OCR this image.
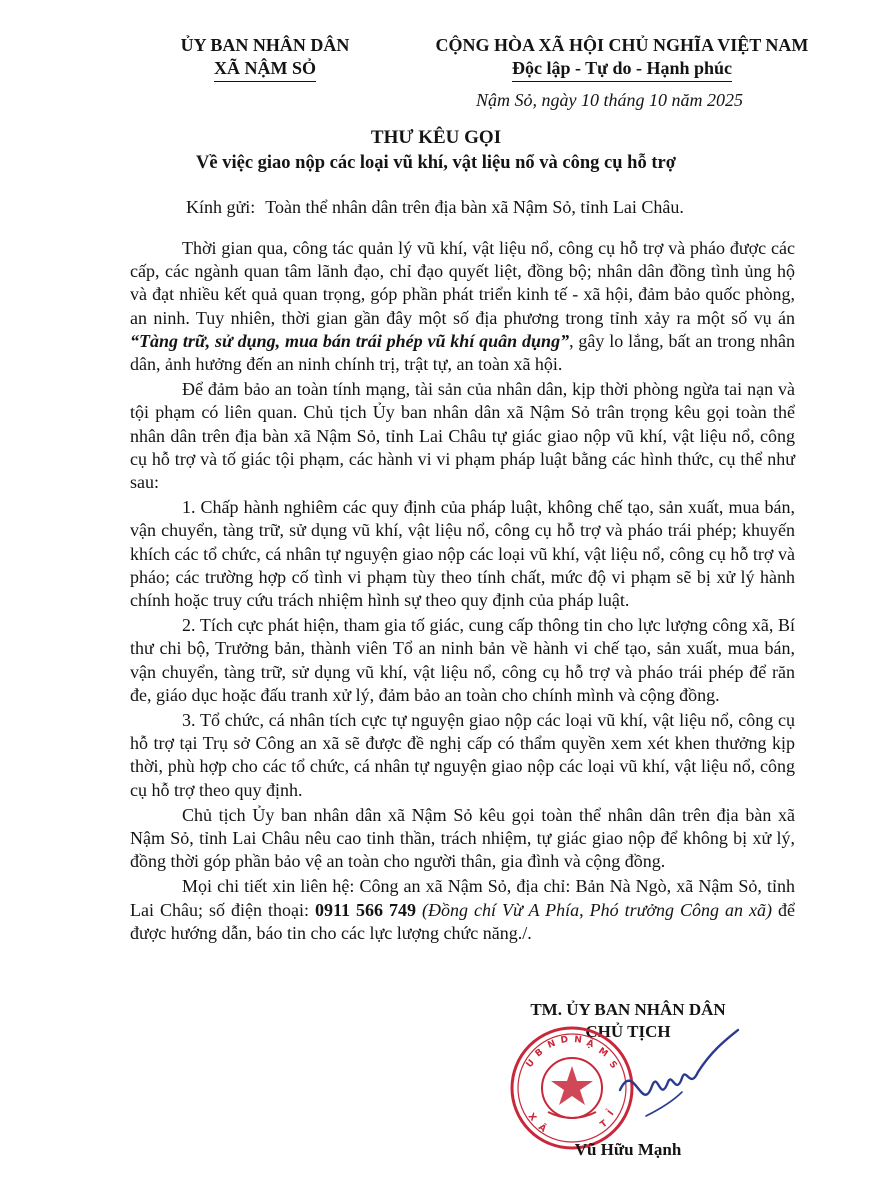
ỦY BAN NHÂN DÂN
XÃ NẬM SỎ
CỘNG HÒA XÃ HỘI CHỦ NGHĨA VIỆT NAM
Độc lập - Tự do - Hạnh phúc
Nậm Sỏ, ngày 10 tháng 10 năm 2025
THƯ KÊU GỌI
Về việc giao nộp các loại vũ khí, vật liệu nổ và công cụ hỗ trợ
Kính gửi: Toàn thể nhân dân trên địa bàn xã Nậm Sỏ, tỉnh Lai Châu.

Thời gian qua, công tác quản lý vũ khí, vật liệu nổ, công cụ hỗ trợ và pháo được các cấp, các ngành quan tâm lãnh đạo, chỉ đạo quyết liệt, đồng bộ; nhân dân đồng tình ủng hộ và đạt nhiều kết quả quan trọng, góp phần phát triển kinh tế - xã hội, đảm bảo quốc phòng, an ninh. Tuy nhiên, thời gian gần đây một số địa phương trong tỉnh xảy ra một số vụ án “Tàng trữ, sử dụng, mua bán trái phép vũ khí quân dụng”, gây lo lắng, bất an trong nhân dân, ảnh hưởng đến an ninh chính trị, trật tự, an toàn xã hội.

Để đảm bảo an toàn tính mạng, tài sản của nhân dân, kịp thời phòng ngừa tai nạn và tội phạm có liên quan. Chủ tịch Ủy ban nhân dân xã Nậm Sỏ trân trọng kêu gọi toàn thể nhân dân trên địa bàn xã Nậm Sỏ, tỉnh Lai Châu tự giác giao nộp vũ khí, vật liệu nổ, công cụ hỗ trợ và tố giác tội phạm, các hành vi vi phạm pháp luật bằng các hình thức, cụ thể như sau:

1. Chấp hành nghiêm các quy định của pháp luật, không chế tạo, sản xuất, mua bán, vận chuyển, tàng trữ, sử dụng vũ khí, vật liệu nổ, công cụ hỗ trợ và pháo trái phép; khuyến khích các tổ chức, cá nhân tự nguyện giao nộp các loại vũ khí, vật liệu nổ, công cụ hỗ trợ và pháo; các trường hợp cố tình vi phạm tùy theo tính chất, mức độ vi phạm sẽ bị xử lý hành chính hoặc truy cứu trách nhiệm hình sự theo quy định của pháp luật.

2. Tích cực phát hiện, tham gia tố giác, cung cấp thông tin cho lực lượng công xã, Bí thư chi bộ, Trưởng bản, thành viên Tổ an ninh bản về hành vi chế tạo, sản xuất, mua bán, vận chuyển, tàng trữ, sử dụng vũ khí, vật liệu nổ, công cụ hỗ trợ và pháo trái phép để răn đe, giáo dục hoặc đấu tranh xử lý, đảm bảo an toàn cho chính mình và cộng đồng.

3. Tổ chức, cá nhân tích cực tự nguyện giao nộp các loại vũ khí, vật liệu nổ, công cụ hỗ trợ tại Trụ sở Công an xã sẽ được đề nghị cấp có thẩm quyền xem xét khen thưởng kịp thời, phù hợp cho các tổ chức, cá nhân tự nguyện giao nộp các loại vũ khí, vật liệu nổ, công cụ hỗ trợ theo quy định.

Chủ tịch Ủy ban nhân dân xã Nậm Sỏ kêu gọi toàn thể nhân dân trên địa bàn xã Nậm Sỏ, tỉnh Lai Châu nêu cao tinh thần, trách nhiệm, tự giác giao nộp để không bị xử lý, đồng thời góp phần bảo vệ an toàn cho người thân, gia đình và cộng đồng.

Mọi chi tiết xin liên hệ: Công an xã Nậm Sỏ, địa chỉ: Bản Nà Ngò, xã Nậm Sỏ, tỉnh Lai Châu; số điện thoại: 0911 566 749 (Đồng chí Vừ A Phía, Phó trưởng Công an xã) để được hướng dẫn, báo tin cho các lực lượng chức năng./.

TM. ỦY BAN NHÂN DÂN
CHỦ TỊCH
U
B
N D N Ậ
M
S
X
Ã	T
Ỉ
Vũ Hữu Mạnh
